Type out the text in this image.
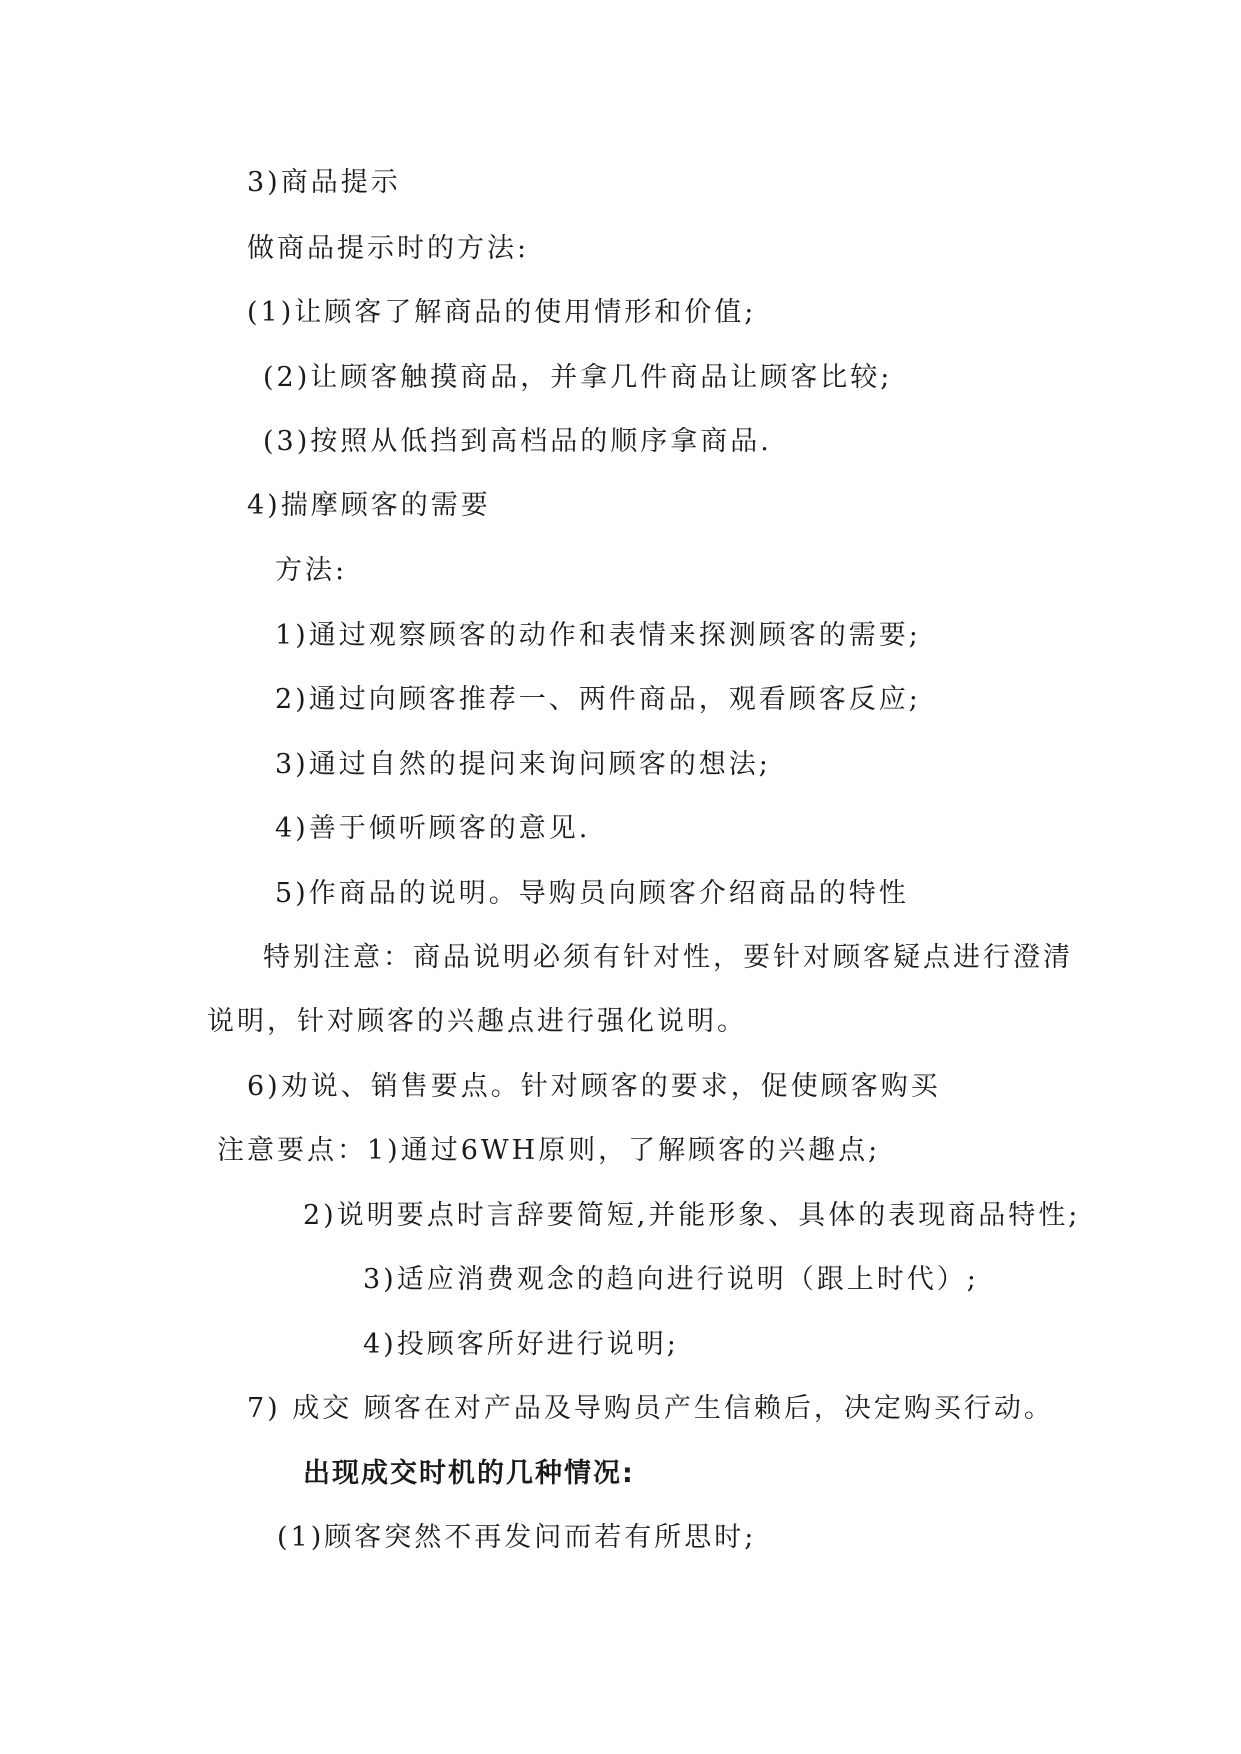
3)商品提示
做商品提示时的方法:
(1)让顾客了解商品的使用情形和价值;
(2)让顾客触摸商品，并拿几件商品让顾客比较;
(3)按照从低挡到高档品的顺序拿商品.
4)揣摩顾客的需要
方法:
1)通过观察顾客的动作和表情来探测顾客的需要;
2)通过向顾客推荐一、两件商品，观看顾客反应;
3)通过自然的提问来询问顾客的想法;
4)善于倾听顾客的意见.
5)作商品的说明。导购员向顾客介绍商品的特性
特别注意：商品说明必须有针对性，要针对顾客疑点进行澄清
说明，针对顾客的兴趣点进行强化说明。
6)劝说、销售要点。针对顾客的要求，促使顾客购买
注意要点：1)通过6WH原则，了解顾客的兴趣点;
2)说明要点时言辞要简短,并能形象、具体的表现商品特性;
3)适应消费观念的趋向进行说明（跟上时代）;
4)投顾客所好进行说明;
7) 成交 顾客在对产品及导购员产生信赖后，决定购买行动。
出现成交时机的几种情况:
(1)顾客突然不再发问而若有所思时;
